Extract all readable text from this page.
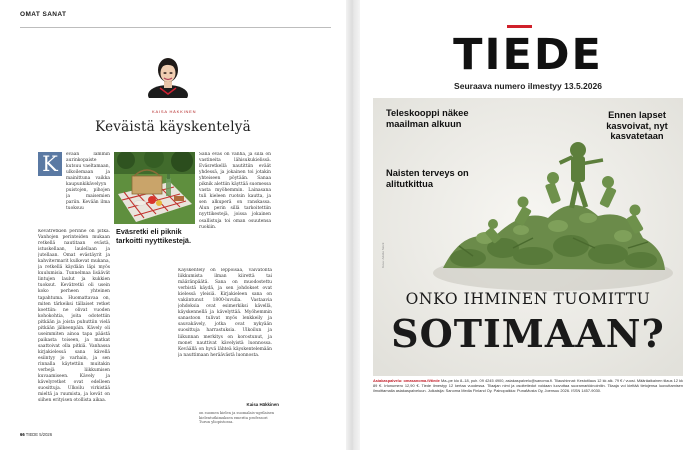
OMAT SANAT
KAISA HÄKKINEN
Keväistä käyskentelyä
K	evään lämmin aurinkopaiste kutsuu vaeltamaan, ulkoilemaan ja mainittuna vaikka kaupunkikävelyyn puistojen, pihojen ja maisemien pariin. Kevään ilma tuoksuu
Kevätretkien perinne on pitkä. Vanhojen perinteiden mukaan retkellä nautitaan evästä, istuskellaan, laulellaan ja jutellaan. Omat evästäyrit ja kahvitermarit kulkevat mukana, ja retkellä käydään läpi myös kuulumisia. Tunnelmaa lisäävät lintujen laulut ja kukkien tuoksut. Kevätretki oli usein koko perheen yhteinen tapahtuma. Huomattavaa on, miten tärkeiksi tällaiset retket koettiin: ne olivat vuoden kohokohtia, joita odotettiin pitkään ja joista puhuttiin vielä pitkään jälkeenpäin. Kävely oli useimmiten ainoa tapa päästä paikasta toiseen, ja matkat saattoivat olla pitkiä. Vanhassa kirjakielessä sana kävellä esiintyy jo varhain, ja sen rinnalla käytettiin muitakin verbejä liikkumisen kuvaamiseen. Kävely ja kävelyretket ovat edelleen suosittuja. Ulkoilu virkistää mieltä ja ruumista, ja kevät on siihen erityisen otollista aikaa.
Eväsretki eli piknik tarkoitti nyyttikestejä.
Sana eväs on vanha, ja sillä on vastineita lähisukukielissä. Eväsretkellä nautittiin eväät yhdessä, ja jokainen toi jotakin yhteiseen pöytään. Sanaa piknik alettiin käyttää suomessa vasta myöhemmin. Lainasana tuli kieleen ruotsin kautta, ja sen alkuperä on ranskassa. Alun perin sillä tarkoitettiin nyyttikestejä, joissa jokainen osallistuja toi oman osuutensa ruokiin.
Käyskentely on leppoisaa, vaivatonta liikkumista ilman kiirettä tai määränpäätä. Sana on muodostettu verbistä käydä, ja sen johdokset ovat kielessä yleisiä. Kirjakieleen sana on vakiintunut 1800-luvulla. Vastaavia johdoksia ovat esimerkiksi kävellä, käyskennellä ja kävelyttää. Myöhemmin sanastoon tulivat myös lenkkeily ja sauvakävely, jotka ovat nykyään suosittuja harrastuksia. Ulkoilun ja liikunnan merkitys on korostunut, ja monet nauttivat kävelyistä luonnossa. Keväällä on hyvä lähteä käyskentelemään ja nauttimaan heräävästä luonnosta.
Kaisa Häkkinen
on suomen kielen ja suomalais-ugrilaisen kielentutkimuksen emerita professori Turun yliopistossa.
66 TIEDE 5/2026
TIEDE
Seuraava numero ilmestyy 13.5.2026
Teleskooppi näkee maailman alkuun
Naisten terveys on alitutkittua
Ennen lapset kasvoivat, nyt kasvatetaan
ONKO IHMINEN TUOMITTU
SOTIMAAN?
Kuva: Adobe Stock
Asiakaspalvelu: omasanoma.fi/tiede Ma–pe klo 8–18, puh. 09 4245 4900, asiakaspalvelu@sanoma.fi. Tilaushinnat: Kestotilaus 12 kk alk. 79 € / vuosi. Määräaikainen tilaus 12 kk 89 €. Irtonumero 12,90 €. Tiede ilmestyy 12 kertaa vuodessa. Tilaajan nimi ja osoitetiedot voidaan luovuttaa suoramarkkinointiin. Tilaaja voi kieltää tietojensa luovuttamisen ilmoittamalla asiakaspalveluun. Julkaisija: Sanoma Media Finland Oy. Painopaikka: PunaMusta Oy, Joensuu 2026. ISSN 1457-9030.
